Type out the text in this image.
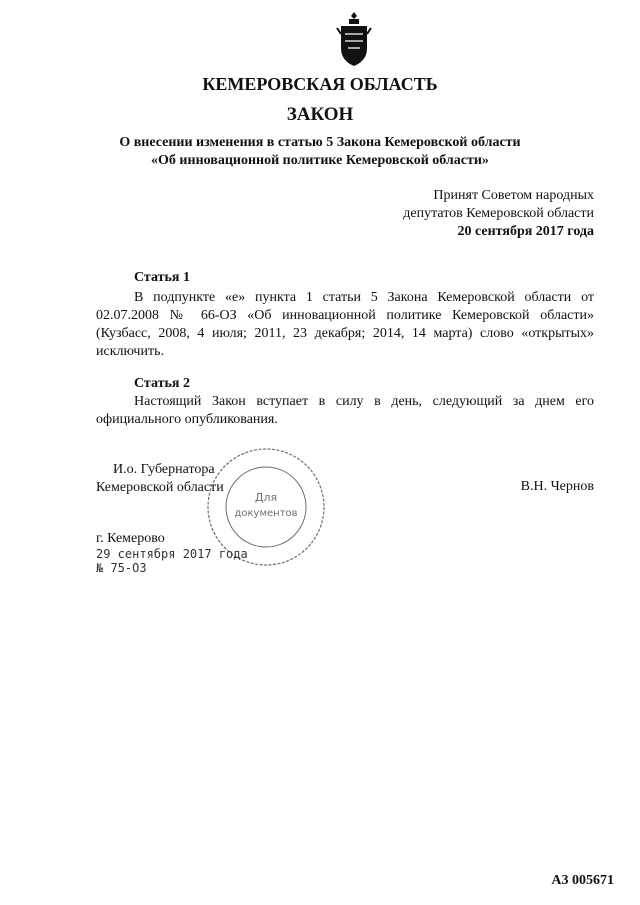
КЕМЕРОВСКАЯ ОБЛАСТЬ
ЗАКОН
О внесении изменения в статью 5 Закона Кемеровской области
«Об инновационной политике Кемеровской области»
Принят Советом народных
депутатов Кемеровской области
20 сентября 2017 года
Статья 1
В подпункте «е» пункта 1 статьи 5 Закона Кемеровской области от 02.07.2008 № 66-ОЗ «Об инновационной политике Кемеровской области» (Кузбасс, 2008, 4 июля; 2011, 23 декабря; 2014, 14 марта) слово «открытых» исключить.
Статья 2
Настоящий Закон вступает в силу в день, следующий за днем его официального опубликования.
И.о. Губернатора
Кемеровской области	В.Н. Чернов
Для
документов
г. Кемерово
29 сентября 2017 года
№ 75-ОЗ
А3 005671
